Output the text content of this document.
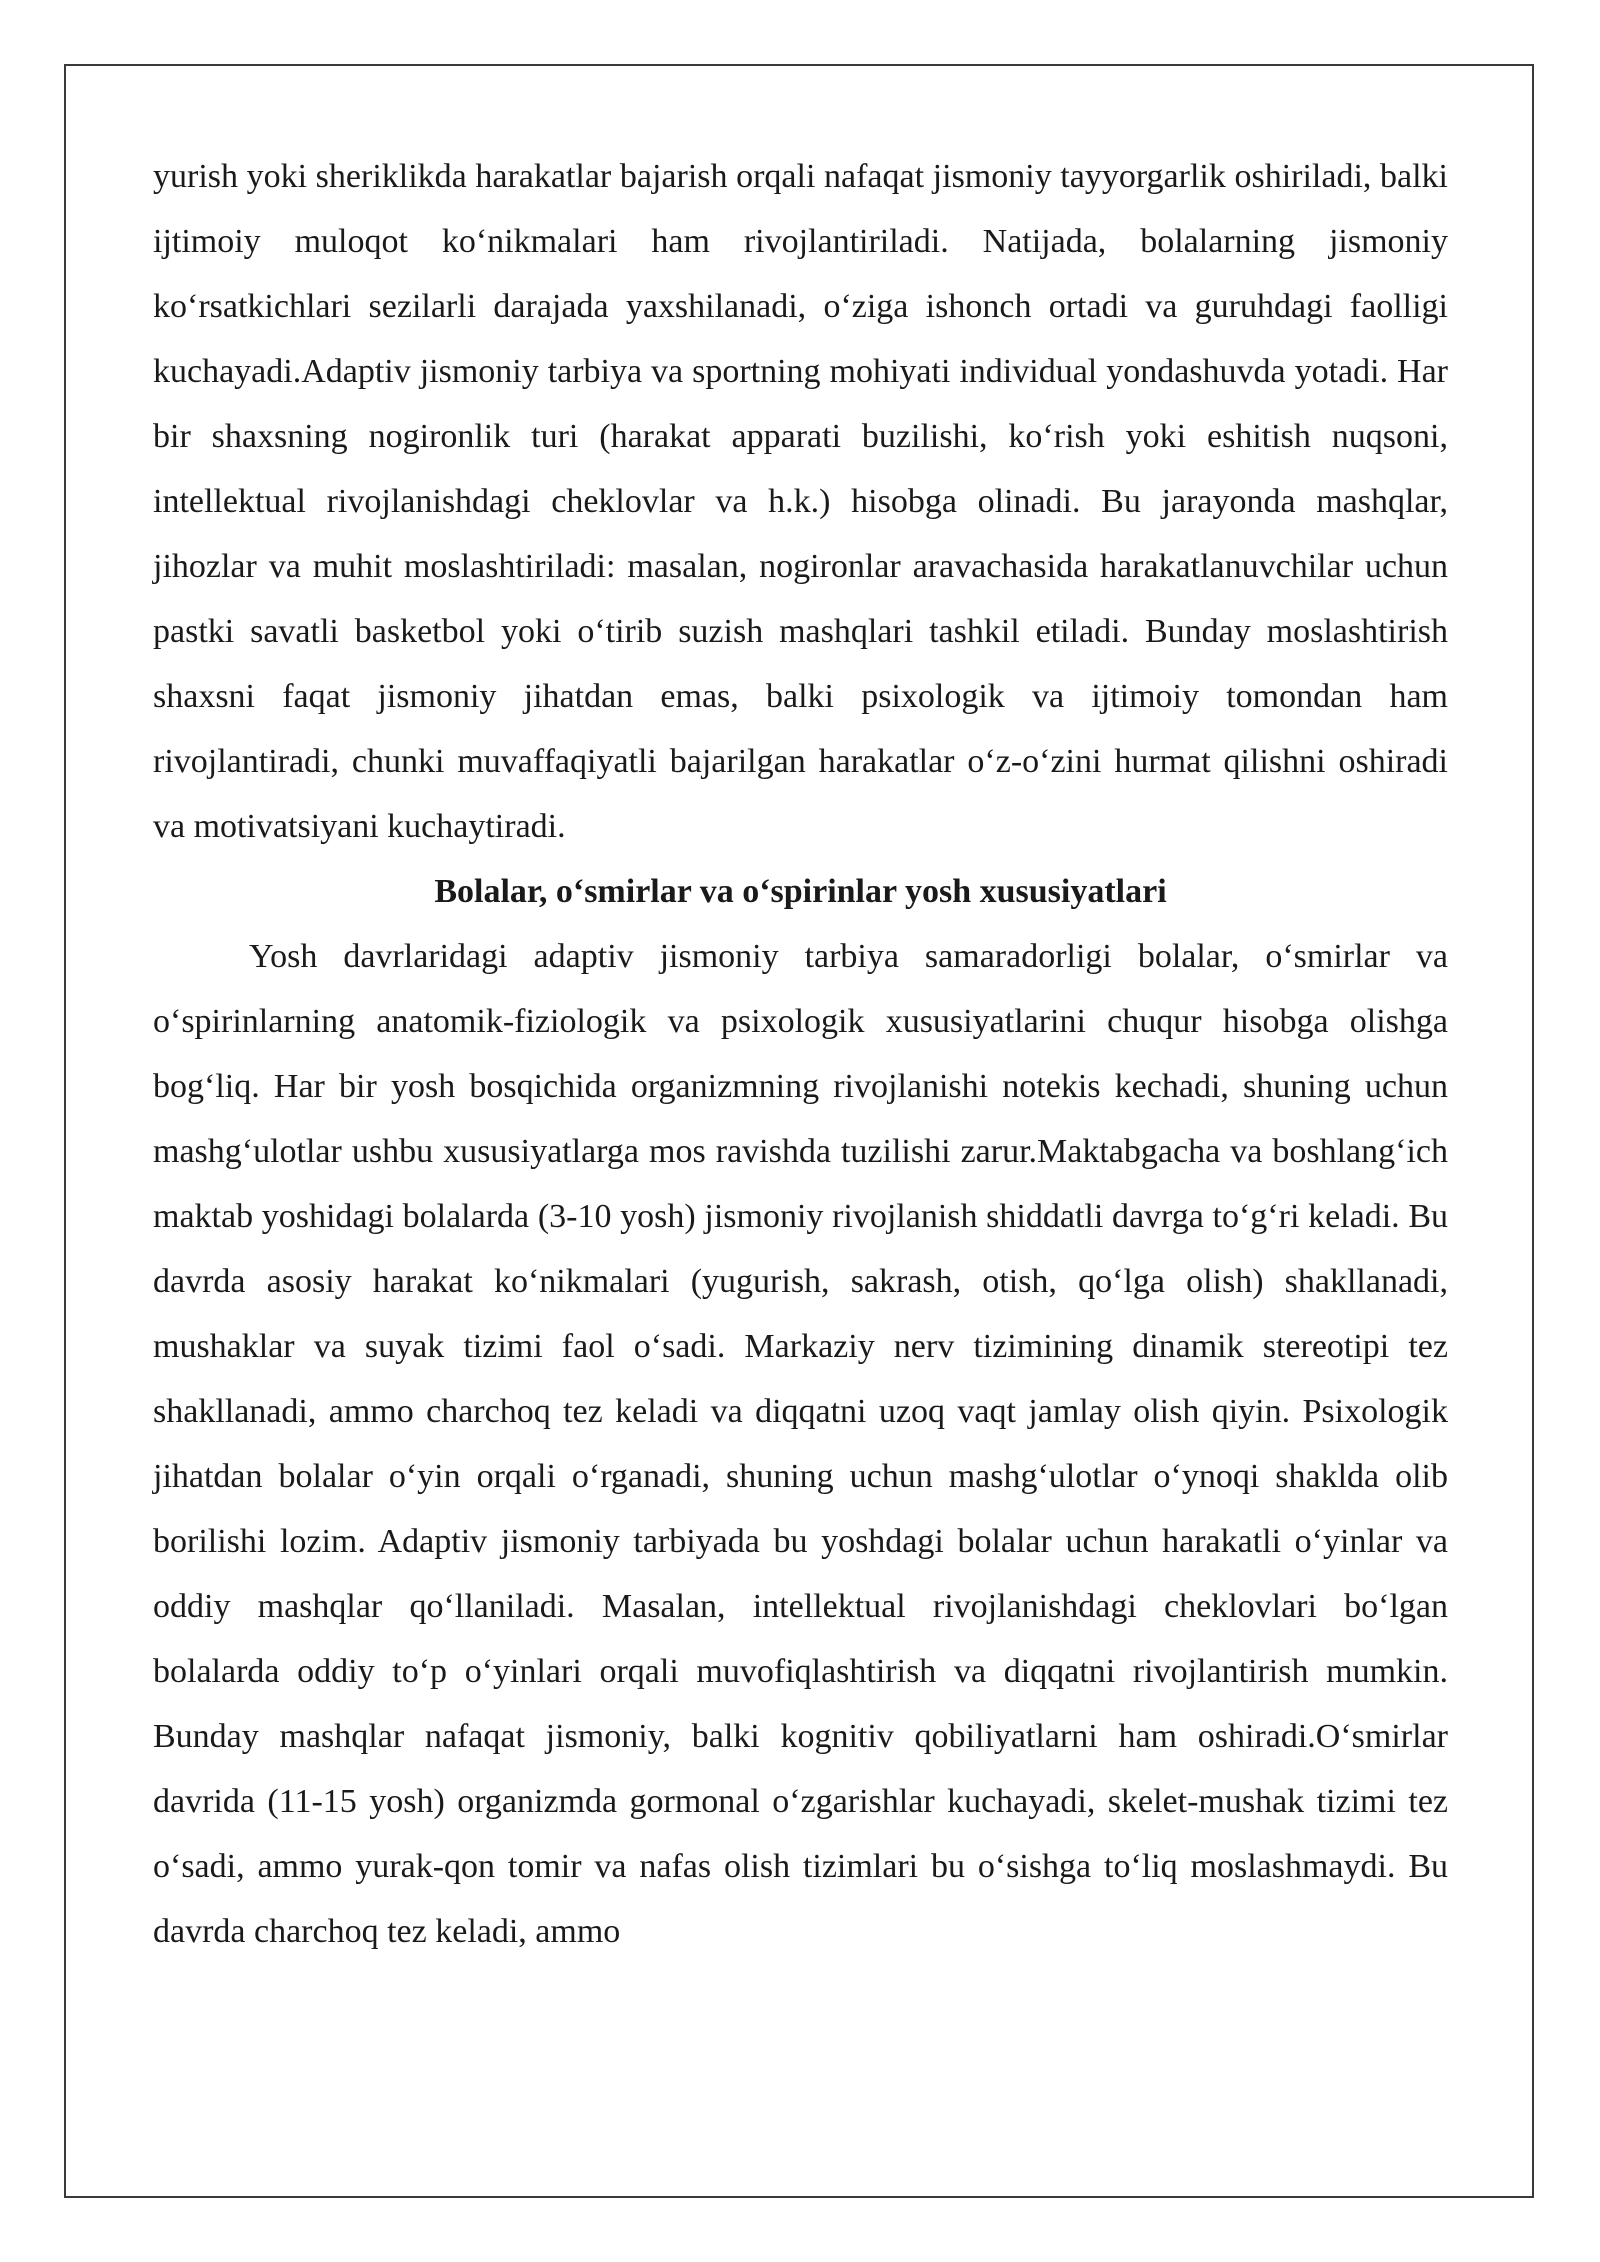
yurish yoki sheriklikda harakatlar bajarish orqali nafaqat jismoniy tayyorgarlik oshiriladi, balki ijtimoiy muloqot ko‘nikmalari ham rivojlantiriladi. Natijada, bolalarning jismoniy ko‘rsatkichlari sezilarli darajada yaxshilanadi, o‘ziga ishonch ortadi va guruhdagi faolligi kuchayadi.Adaptiv jismoniy tarbiya va sportning mohiyati individual yondashuvda yotadi. Har bir shaxsning nogironlik turi (harakat apparati buzilishi, ko‘rish yoki eshitish nuqsoni, intellektual rivojlanishdagi cheklovlar va h.k.) hisobga olinadi. Bu jarayonda mashqlar, jihozlar va muhit moslashtiriladi: masalan, nogironlar aravachasida harakatlanuvchilar uchun pastki savatli basketbol yoki o‘tirib suzish mashqlari tashkil etiladi. Bunday moslashtirish shaxsni faqat jismoniy jihatdan emas, balki psixologik va ijtimoiy tomondan ham rivojlantiradi, chunki muvaffaqiyatli bajarilgan harakatlar o‘z-o‘zini hurmat qilishni oshiradi va motivatsiyani kuchaytiradi.

Bolalar, o‘smirlar va o‘spirinlar yosh xususiyatlari

Yosh davrlaridagi adaptiv jismoniy tarbiya samaradorligi bolalar, o‘smirlar va o‘spirinlarning anatomik-fiziologik va psixologik xususiyatlarini chuqur hisobga olishga bog‘liq. Har bir yosh bosqichida organizmning rivojlanishi notekis kechadi, shuning uchun mashg‘ulotlar ushbu xususiyatlarga mos ravishda tuzilishi zarur.Maktabgacha va boshlang‘ich maktab yoshidagi bolalarda (3-10 yosh) jismoniy rivojlanish shiddatli davrga to‘g‘ri keladi. Bu davrda asosiy harakat ko‘nikmalari (yugurish, sakrash, otish, qo‘lga olish) shakllanadi, mushaklar va suyak tizimi faol o‘sadi. Markaziy nerv tizimining dinamik stereotipi tez shakllanadi, ammo charchoq tez keladi va diqqatni uzoq vaqt jamlay olish qiyin. Psixologik jihatdan bolalar o‘yin orqali o‘rganadi, shuning uchun mashg‘ulotlar o‘ynoqi shaklda olib borilishi lozim. Adaptiv jismoniy tarbiyada bu yoshdagi bolalar uchun harakatli o‘yinlar va oddiy mashqlar qo‘llaniladi. Masalan, intellektual rivojlanishdagi cheklovlari bo‘lgan bolalarda oddiy to‘p o‘yinlari orqali muvofiqlashtirish va diqqatni rivojlantirish mumkin. Bunday mashqlar nafaqat jismoniy, balki kognitiv qobiliyatlarni ham oshiradi.O‘smirlar davrida (11-15 yosh) organizmda gormonal o‘zgarishlar kuchayadi, skelet-mushak tizimi tez o‘sadi, ammo yurak-qon tomir va nafas olish tizimlari bu o‘sishga to‘liq moslashmaydi. Bu davrda charchoq tez keladi, ammo
